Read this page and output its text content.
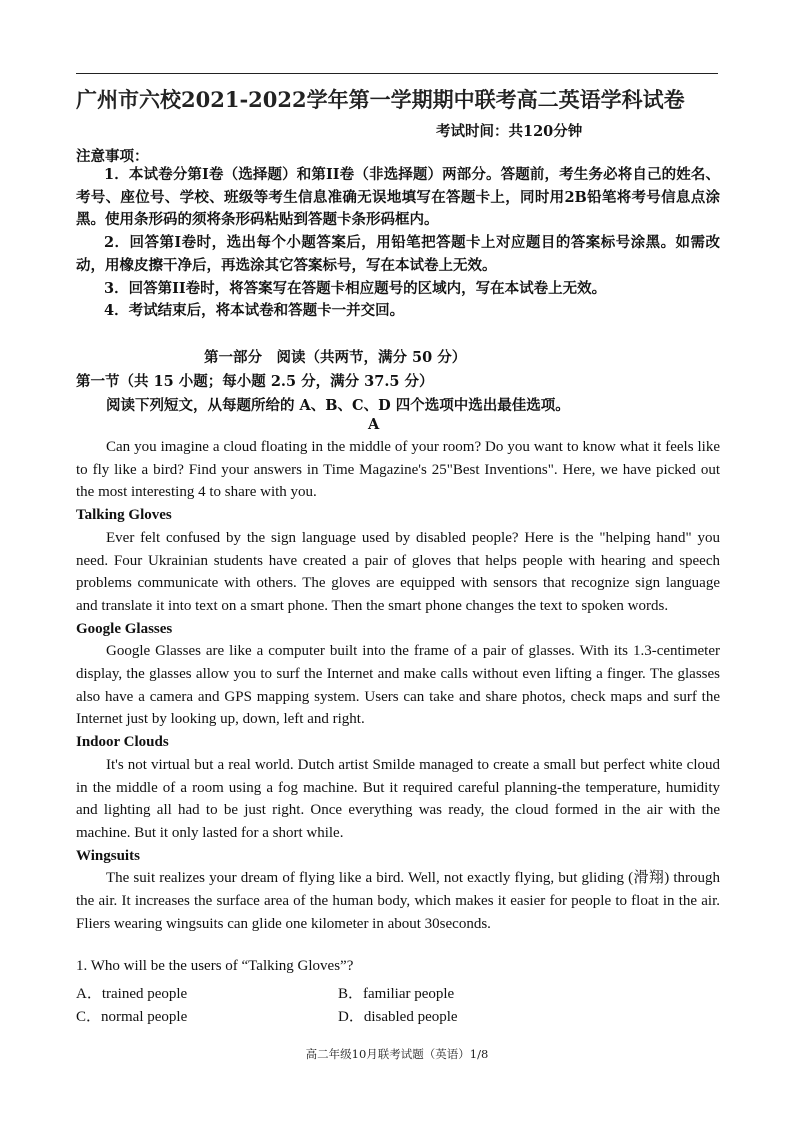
广州市六校2021-2022学年第一学期期中联考高二英语学科试卷
考试时间：共120分钟
注意事项：

1．本试卷分第I卷（选择题）和第II卷（非选择题）两部分。答题前，考生务必将自己的姓名、考号、座位号、学校、班级等考生信息准确无误地填写在答题卡上，同时用2B铅笔将考号信息点涂黑。使用条形码的须将条形码粘贴到答题卡条形码框内。

2．回答第I卷时，选出每个小题答案后，用铅笔把答题卡上对应题目的答案标号涂黑。如需改动，用橡皮擦干净后，再选涂其它答案标号，写在本试卷上无效。

3．回答第II卷时，将答案写在答题卡相应题号的区域内，写在本试卷上无效。

4．考试结束后，将本试卷和答题卡一并交回。

第一部分　阅读（共两节，满分 50 分）
第一节（共 15 小题；每小题 2.5 分，满分 37.5 分）
阅读下列短文，从每题所给的 A、B、C、D 四个选项中选出最佳选项。
A

Can you imagine a cloud floating in the middle of your room? Do you want to know what it feels like to fly like a bird? Find your answers in Time Magazine's 25"Best Inventions". Here, we have picked out the most interesting 4 to share with you.

Talking Gloves

Ever felt confused by the sign language used by disabled people? Here is the "helping hand" you need. Four Ukrainian students have created a pair of gloves that helps people with hearing and speech problems communicate with others. The gloves are equipped with sensors that recognize sign language and translate it into text on a smart phone. Then the smart phone changes the text to spoken words.

Google Glasses

Google Glasses are like a computer built into the frame of a pair of glasses. With its 1.3-centimeter display, the glasses allow you to surf the Internet and make calls without even lifting a finger. The glasses also have a camera and GPS mapping system. Users can take and share photos, check maps and surf the Internet just by looking up, down, left and right.

Indoor Clouds

It's not virtual but a real world. Dutch artist Smilde managed to create a small but perfect white cloud in the middle of a room using a fog machine. But it required careful planning-the temperature, humidity and lighting all had to be just right. Once everything was ready, the cloud formed in the air with the machine. But it only lasted for a short while.

Wingsuits

The suit realizes your dream of flying like a bird. Well, not exactly flying, but gliding (滑翔) through the air. It increases the surface area of the human body, which makes it easier for people to float in the air. Fliers wearing wingsuits can glide one kilometer in about 30seconds.

1. Who will be the users of “Talking Gloves”?
A．trained people	B．familiar people
C．normal people	D．disabled people
高二年级10月联考试题（英语）1/8
